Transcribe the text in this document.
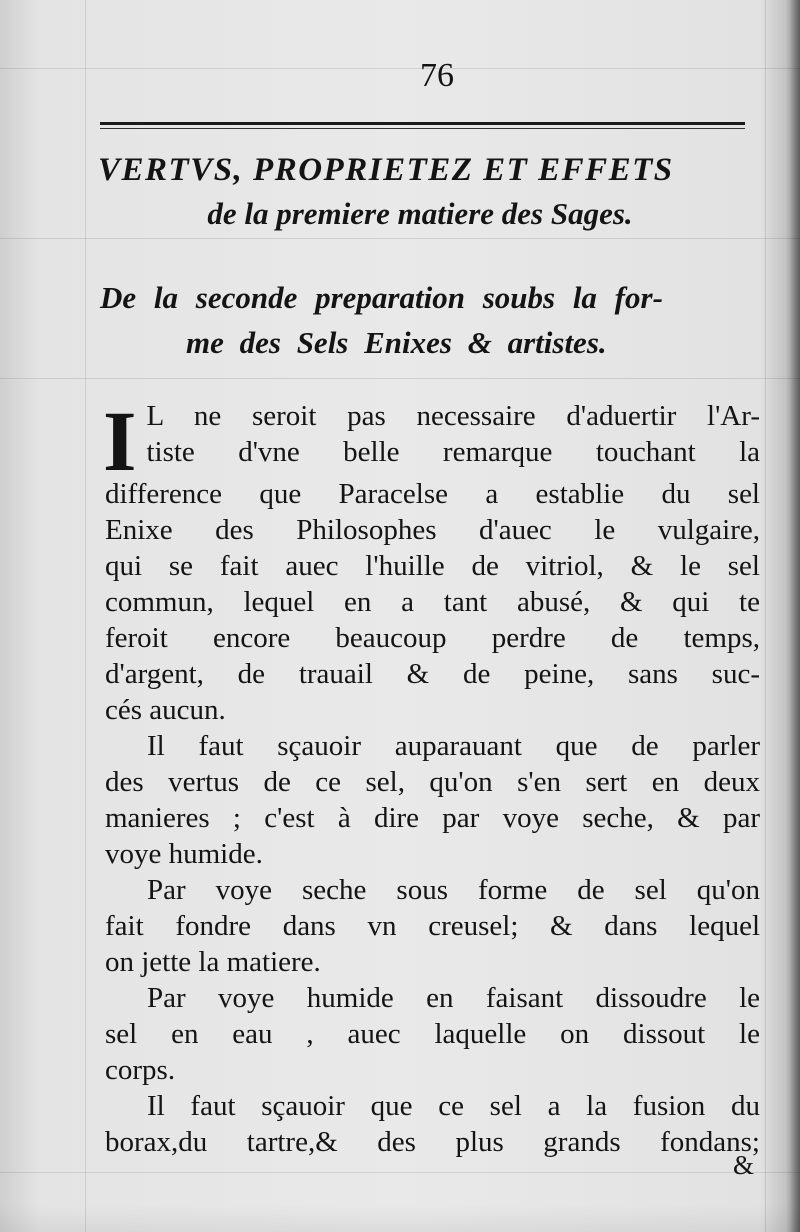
76
VERTVS, PROPRIETEZ ET EFFETS
de la premiere matiere des Sages.
De la seconde preparation soubs la for-
me des Sels Enixes & artistes.
I L ne seroit pas necessaire d'aduertir l'Ar-
tiste d'vne belle remarque touchant la
difference que Paracelse a establie du sel
Enixe des Philosophes d'auec le vulgaire,
qui se fait auec l'huille de vitriol, & le sel
commun, lequel en a tant abusé, & qui te
feroit encore beaucoup perdre de temps,
d'argent, de trauail & de peine, sans suc-
cés aucun.
Il faut sçauoir auparauant que de parler
des vertus de ce sel, qu'on s'en sert en deux
manieres ; c'est à dire par voye seche, & par
voye humide.
Par voye seche sous forme de sel qu'on
fait fondre dans vn creusel; & dans lequel
on jette la matiere.
Par voye humide en faisant dissoudre le
sel en eau , auec laquelle on dissout le
corps.
Il faut sçauoir que ce sel a la fusion du
borax,du tartre,& des plus grands fondans;
&
